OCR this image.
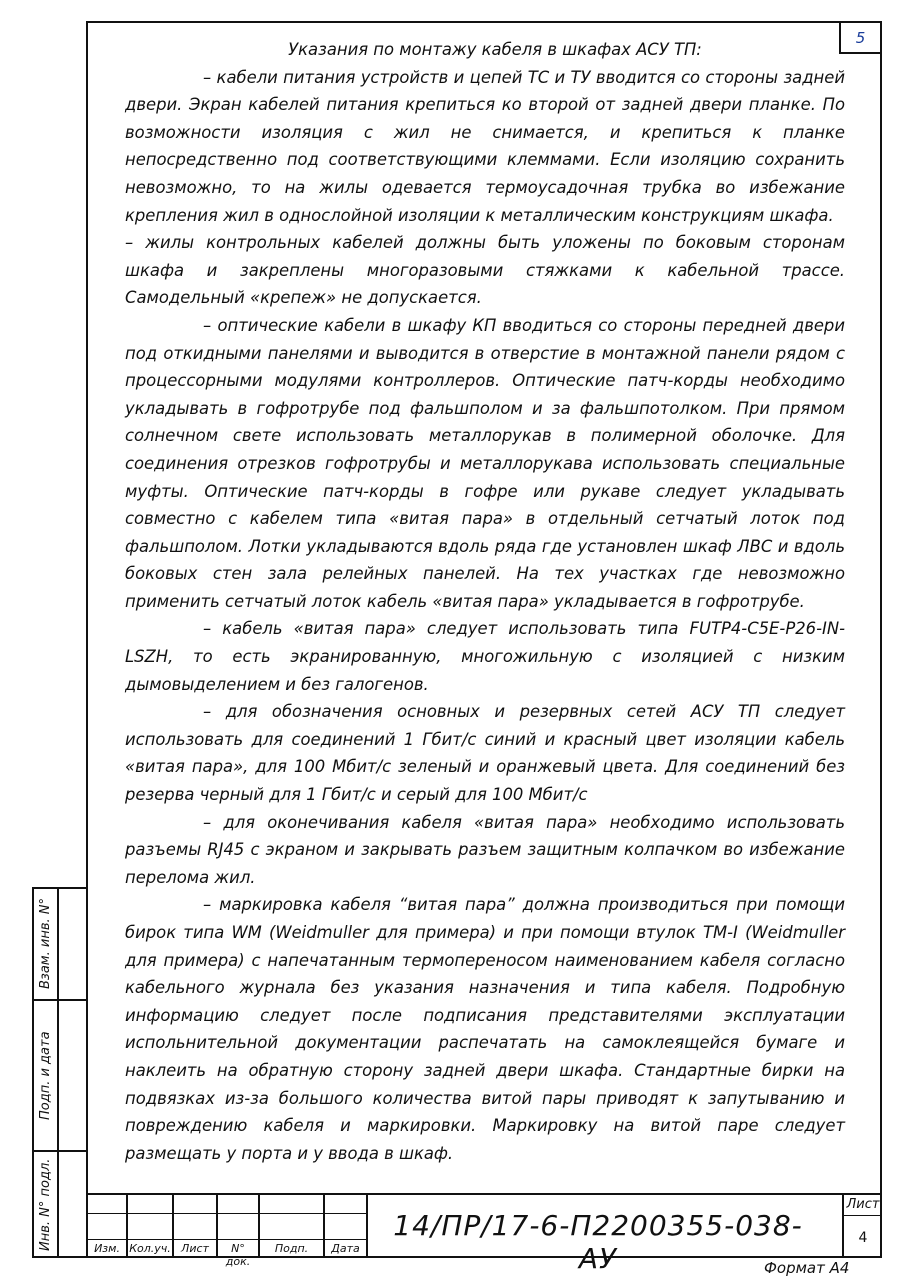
5
Взам. инв. N°
Подп. и дата
Инв. N° подл.

Указания по монтажу кабеля в шкафах АСУ ТП:

– кабели питания устройств и цепей ТС и ТУ вводится со стороны задней двери. Экран кабелей питания крепиться ко второй от задней двери планке. По возможности изоляция с жил не снимается, и крепиться к планке непосредственно под соответствующими клеммами. Если изоляцию сохранить невозможно, то на жилы одевается термоусадочная трубка во избежание крепления жил в однослойной изоляции к металлическим конструкциям шкафа.

– жилы контрольных кабелей должны быть уложены по боковым сторонам шкафа и закреплены многоразовыми стяжками к кабельной трассе. Самодельный «крепеж» не допускается.

– оптические кабели в шкафу КП вводиться со стороны передней двери под откидными панелями и выводится в отверстие в монтажной панели рядом с процессорными модулями контроллеров. Оптические патч-корды необходимо укладывать в гофротрубе под фальшполом и за фальшпотолком. При прямом солнечном свете использовать металлорукав в полимерной оболочке. Для соединения отрезков гофротрубы и металлорукава использовать специальные муфты. Оптические патч-корды в гофре или рукаве следует укладывать совместно с кабелем типа «витая пара» в отдельный сетчатый лоток под фальшполом. Лотки укладываются вдоль ряда где установлен шкаф ЛВС и вдоль боковых стен зала релейных панелей. На тех участках где невозможно применить сетчатый лоток кабель «витая пара» укладывается в гофротрубе.

– кабель «витая пара» следует использовать типа FUTP4-C5E-P26-IN-LSZH, то есть экранированную, многожильную с изоляцией с низким дымовыделением и без галогенов.

– для обозначения основных и резервных сетей АСУ ТП следует использовать для соединений 1 Гбит/с синий и красный цвет изоляции кабель «витая пара», для 100 Мбит/с зеленый и оранжевый цвета. Для соединений без резерва черный для 1 Гбит/с и серый для 100 Мбит/с

– для оконечивания кабеля «витая пара» необходимо использовать разъемы RJ45 с экраном и закрывать разъем защитным колпачком во избежание перелома жил.

– маркировка кабеля “витая пара” должна производиться при помощи бирок типа WM (Weidmuller для примера) и при помощи втулок TM-I (Weidmuller для примера) с напечатанным термопереносом наименованием кабеля согласно кабельного журнала без указания назначения и типа кабеля. Подробную информацию следует после подписания представителями эксплуатации испольнительной документации распечатать на самоклеящейся бумаге и наклеить на обратную сторону задней двери шкафа. Стандартные бирки на подвязках из-за большого количества витой пары приводят к запутыванию и повреждению кабеля и маркировки. Маркировку на витой паре следует размещать у порта и у ввода в шкаф.

Изм. Кол.уч. Лист	N° док.
Подп.	Дата
14/ПР/17-6-П2200355-038-АУ
Лист
4
Формат А4
